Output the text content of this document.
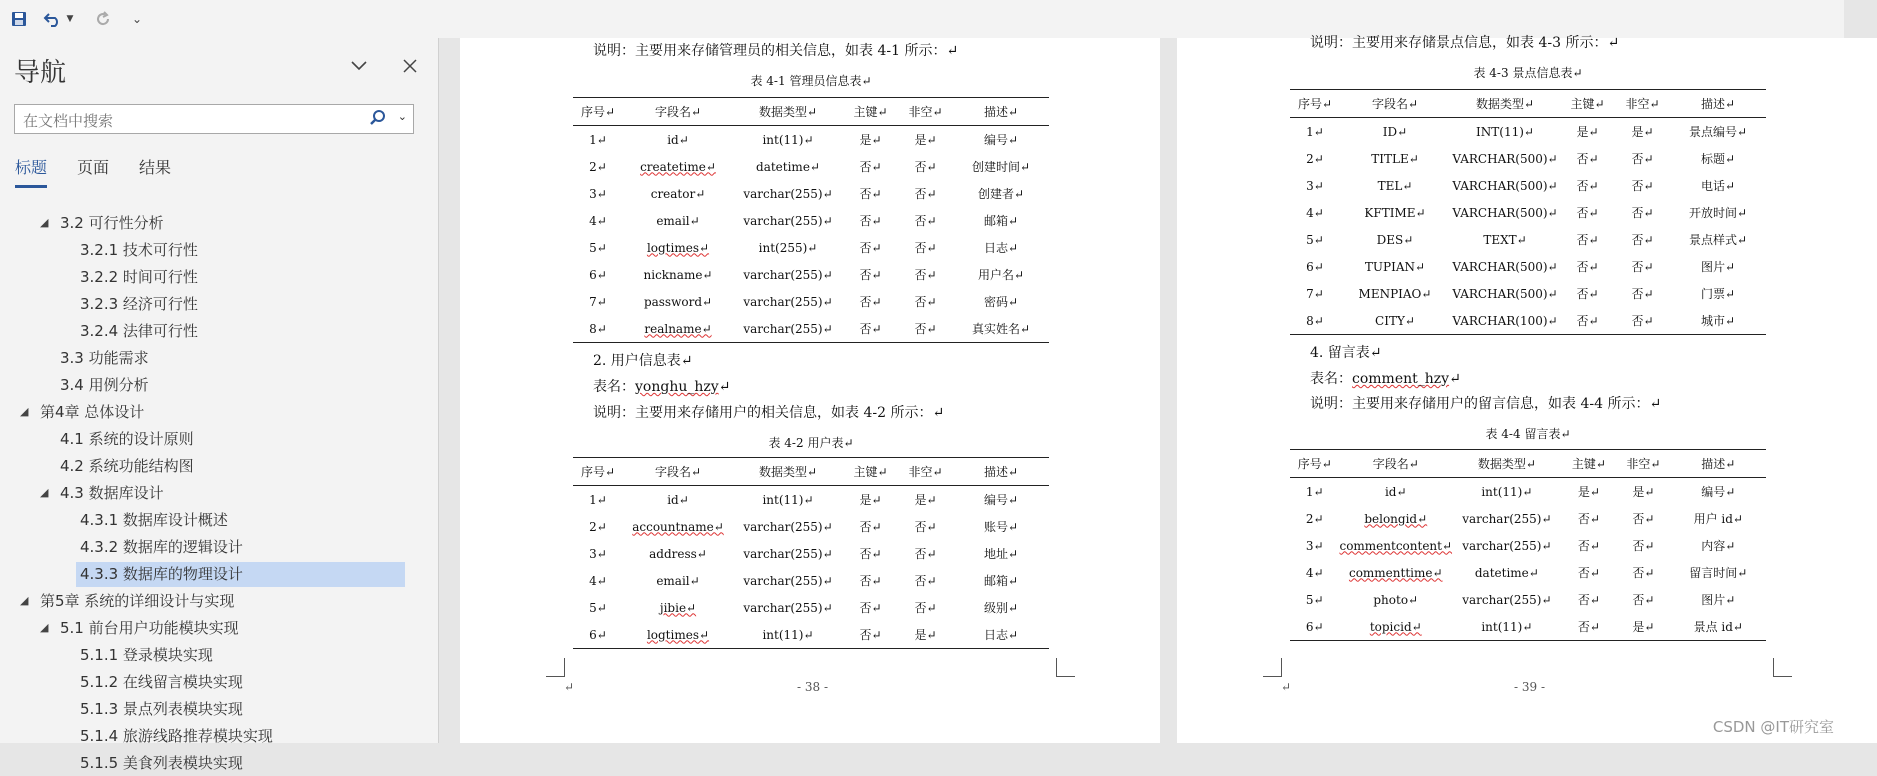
▼	⌄
导航
在文档中搜索	⌄
标题 页面 结果
3.2 可行性分析
◢
3.2.1 技术可行性
3.2.2 时间可行性
3.2.3 经济可行性
3.2.4 法律可行性
3.3 功能需求
3.4 用例分析
第4章 总体设计
◢
4.1 系统的设计原则
4.2 系统功能结构图
4.3 数据库设计
◢
4.3.1 数据库设计概述
4.3.2 数据库的逻辑设计
4.3.3 数据库的物理设计
第5章 系统的详细设计与实现
◢
5.1 前台用户功能模块实现
◢
5.1.1 登录模块实现
5.1.2 在线留言模块实现
5.1.3 景点列表模块实现
5.1.4 旅游线路推荐模块实现
5.1.5 美食列表模块实现
说明：主要用来存储管理员的相关信息，如表 4-1 所示：↵
表 4-1 管理员信息表↵
序号↵	字段名↵	数据类型↵	主键↵	非空↵	描述↵
1↵	id↵	int(11)↵	是↵	是↵	编号↵
2↵	createtime↵	datetime↵	否↵	否↵	创建时间↵
3↵	creator↵	varchar(255)↵	否↵	否↵	创建者↵
4↵	email↵	varchar(255)↵	否↵	否↵	邮箱↵
5↵	logtimes↵	int(255)↵	否↵	否↵	日志↵
6↵	nickname↵	varchar(255)↵	否↵	否↵	用户名↵
7↵	password↵	varchar(255)↵	否↵	否↵	密码↵
8↵	realname↵	varchar(255)↵	否↵	否↵	真实姓名↵
2. 用户信息表↵
表名：yonghu_hzy↵
说明：主要用来存储用户的相关信息，如表 4-2 所示：↵
表 4-2 用户表↵
序号↵	字段名↵	数据类型↵	主键↵	非空↵	描述↵
1↵	id↵	int(11)↵	是↵	是↵	编号↵
2↵	accountname↵	varchar(255)↵	否↵	否↵	账号↵
3↵	address↵	varchar(255)↵	否↵	否↵	地址↵
4↵	email↵	varchar(255)↵	否↵	否↵	邮箱↵
5↵	jibie↵	varchar(255)↵	否↵	否↵	级别↵
6↵	logtimes↵	int(11)↵	否↵	是↵	日志↵
↵	- 38 -
说明：主要用来存储景点信息，如表 4-3 所示：↵
表 4-3 景点信息表↵
序号↵	字段名↵	数据类型↵	主键↵	非空↵	描述↵
1↵	ID↵	INT(11)↵	是↵	是↵	景点编号↵
2↵	TITLE↵	VARCHAR(500)↵	否↵	否↵	标题↵
3↵	TEL↵	VARCHAR(500)↵	否↵	否↵	电话↵
4↵	KFTIME↵	VARCHAR(500)↵	否↵	否↵	开放时间↵
5↵	DES↵	TEXT↵	否↵	否↵	景点样式↵
6↵	TUPIAN↵	VARCHAR(500)↵	否↵	否↵	图片↵
7↵	MENPIAO↵	VARCHAR(500)↵	否↵	否↵	门票↵
8↵	CITY↵	VARCHAR(100)↵	否↵	否↵	城市↵
4. 留言表↵
表名：comment_hzy↵
说明：主要用来存储用户的留言信息，如表 4-4 所示：↵
表 4-4 留言表↵
序号↵	字段名↵	数据类型↵	主键↵	非空↵	描述↵
1↵	id↵	int(11)↵	是↵	是↵	编号↵
2↵	belongid↵	varchar(255)↵	否↵	否↵	用户 id↵
3↵	commentcontent↵	varchar(255)↵	否↵	否↵	内容↵
4↵	commenttime↵	datetime↵	否↵	否↵	留言时间↵
5↵	photo↵	varchar(255)↵	否↵	否↵	图片↵
6↵	topicid↵	int(11)↵	否↵	是↵	景点 id↵
↵	- 39 -
CSDN @IT研究室
